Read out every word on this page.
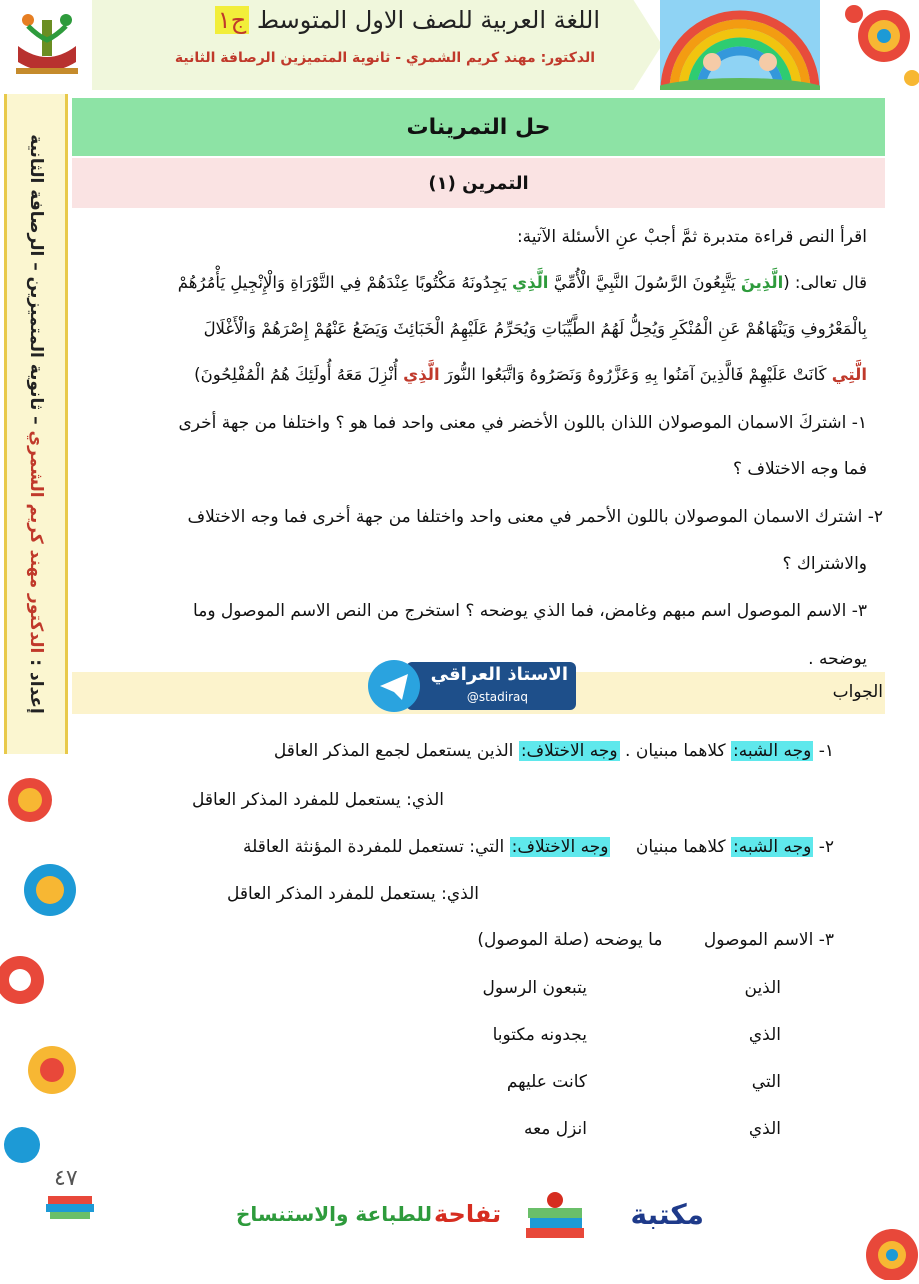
اللغة العربية للصف الاول المتوسط ج١
الدكتور: مهند كريم الشمري - ثانوية المتميزين الرصافة الثانية
إعداد : الدكتور مهند كريم الشمري – ثانوية المتميزين – الرصافة الثانية
حل التمرينات
التمرين (١)
اقرأ النص قراءة متدبرة ثمَّ أجبْ عنِ الأسئلة الآتية:
قال تعالى: (الَّذِينَ يَتَّبِعُونَ الرَّسُولَ النَّبِيَّ الْأُمِّيَّ الَّذِي يَجِدُونَهُ مَكْتُوبًا عِنْدَهُمْ فِي التَّوْرَاةِ وَالْإِنْجِيلِ يَأْمُرُهُمْ
بِالْمَعْرُوفِ وَيَنْهَاهُمْ عَنِ الْمُنْكَرِ وَيُحِلُّ لَهُمُ الطَّيِّبَاتِ وَيُحَرِّمُ عَلَيْهِمُ الْخَبَائِثَ وَيَضَعُ عَنْهُمْ إِصْرَهُمْ وَالْأَغْلَالَ
الَّتِي كَانَتْ عَلَيْهِمْ فَالَّذِينَ آمَنُوا بِهِ وَعَزَّرُوهُ وَنَصَرُوهُ وَاتَّبَعُوا النُّورَ الَّذِي أُنْزِلَ مَعَهُ أُولَئِكَ هُمُ الْمُفْلِحُونَ)
١- اشتركَ الاسمان الموصولان اللذان باللون الأخضر في معنى واحد فما هو ؟ واختلفا من جهة أخرى
فما وجه الاختلاف ؟
٢- اشترك الاسمان الموصولان باللون الأحمر في معنى واحد واختلفا من جهة أخرى فما وجه الاختلاف
والاشتراك ؟
٣- الاسم الموصول اسم مبهم وغامض، فما الذي يوضحه ؟ استخرج من النص الاسم الموصول وما
يوضحه .
الجواب
الاستاذ العراقي
@stadiraq
١- وجه الشبه: كلاهما مبنيان . وجه الاختلاف: الذين يستعمل لجمع المذكر العاقل
الذي: يستعمل للمفرد المذكر العاقل
٢- وجه الشبه: كلاهما مبنيان وجه الاختلاف: التي: تستعمل للمفردة المؤنثة العاقلة
الذي: يستعمل للمفرد المذكر العاقل
٣- الاسم الموصول ما يوضحه (صلة الموصول)
الذين
يتبعون الرسول
الذي
يجدونه مكتوبا
التي
كانت عليهم
الذي
انزل معه
٤٧
مكتبة
تفاحة
للطباعة والاستنساخ
